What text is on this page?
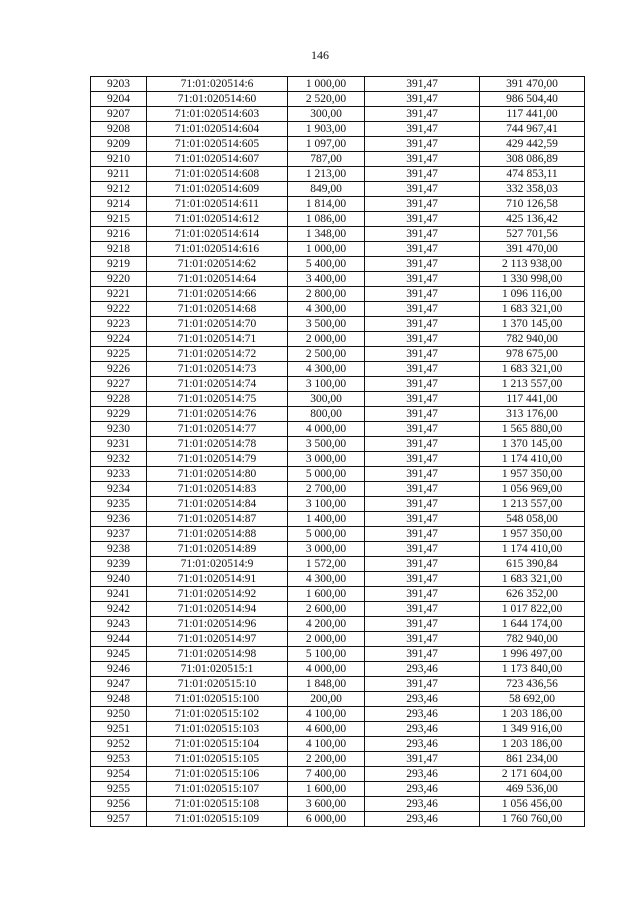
146
9203	71:01:020514:6	1 000,00	391,47	391 470,00
9204	71:01:020514:60	2 520,00	391,47	986 504,40
9207	71:01:020514:603	300,00	391,47	117 441,00
9208	71:01:020514:604	1 903,00	391,47	744 967,41
9209	71:01:020514:605	1 097,00	391,47	429 442,59
9210	71:01:020514:607	787,00	391,47	308 086,89
9211	71:01:020514:608	1 213,00	391,47	474 853,11
9212	71:01:020514:609	849,00	391,47	332 358,03
9214	71:01:020514:611	1 814,00	391,47	710 126,58
9215	71:01:020514:612	1 086,00	391,47	425 136,42
9216	71:01:020514:614	1 348,00	391,47	527 701,56
9218	71:01:020514:616	1 000,00	391,47	391 470,00
9219	71:01:020514:62	5 400,00	391,47	2 113 938,00
9220	71:01:020514:64	3 400,00	391,47	1 330 998,00
9221	71:01:020514:66	2 800,00	391,47	1 096 116,00
9222	71:01:020514:68	4 300,00	391,47	1 683 321,00
9223	71:01:020514:70	3 500,00	391,47	1 370 145,00
9224	71:01:020514:71	2 000,00	391,47	782 940,00
9225	71:01:020514:72	2 500,00	391,47	978 675,00
9226	71:01:020514:73	4 300,00	391,47	1 683 321,00
9227	71:01:020514:74	3 100,00	391,47	1 213 557,00
9228	71:01:020514:75	300,00	391,47	117 441,00
9229	71:01:020514:76	800,00	391,47	313 176,00
9230	71:01:020514:77	4 000,00	391,47	1 565 880,00
9231	71:01:020514:78	3 500,00	391,47	1 370 145,00
9232	71:01:020514:79	3 000,00	391,47	1 174 410,00
9233	71:01:020514:80	5 000,00	391,47	1 957 350,00
9234	71:01:020514:83	2 700,00	391,47	1 056 969,00
9235	71:01:020514:84	3 100,00	391,47	1 213 557,00
9236	71:01:020514:87	1 400,00	391,47	548 058,00
9237	71:01:020514:88	5 000,00	391,47	1 957 350,00
9238	71:01:020514:89	3 000,00	391,47	1 174 410,00
9239	71:01:020514:9	1 572,00	391,47	615 390,84
9240	71:01:020514:91	4 300,00	391,47	1 683 321,00
9241	71:01:020514:92	1 600,00	391,47	626 352,00
9242	71:01:020514:94	2 600,00	391,47	1 017 822,00
9243	71:01:020514:96	4 200,00	391,47	1 644 174,00
9244	71:01:020514:97	2 000,00	391,47	782 940,00
9245	71:01:020514:98	5 100,00	391,47	1 996 497,00
9246	71:01:020515:1	4 000,00	293,46	1 173 840,00
9247	71:01:020515:10	1 848,00	391,47	723 436,56
9248	71:01:020515:100	200,00	293,46	58 692,00
9250	71:01:020515:102	4 100,00	293,46	1 203 186,00
9251	71:01:020515:103	4 600,00	293,46	1 349 916,00
9252	71:01:020515:104	4 100,00	293,46	1 203 186,00
9253	71:01:020515:105	2 200,00	391,47	861 234,00
9254	71:01:020515:106	7 400,00	293,46	2 171 604,00
9255	71:01:020515:107	1 600,00	293,46	469 536,00
9256	71:01:020515:108	3 600,00	293,46	1 056 456,00
9257	71:01:020515:109	6 000,00	293,46	1 760 760,00
